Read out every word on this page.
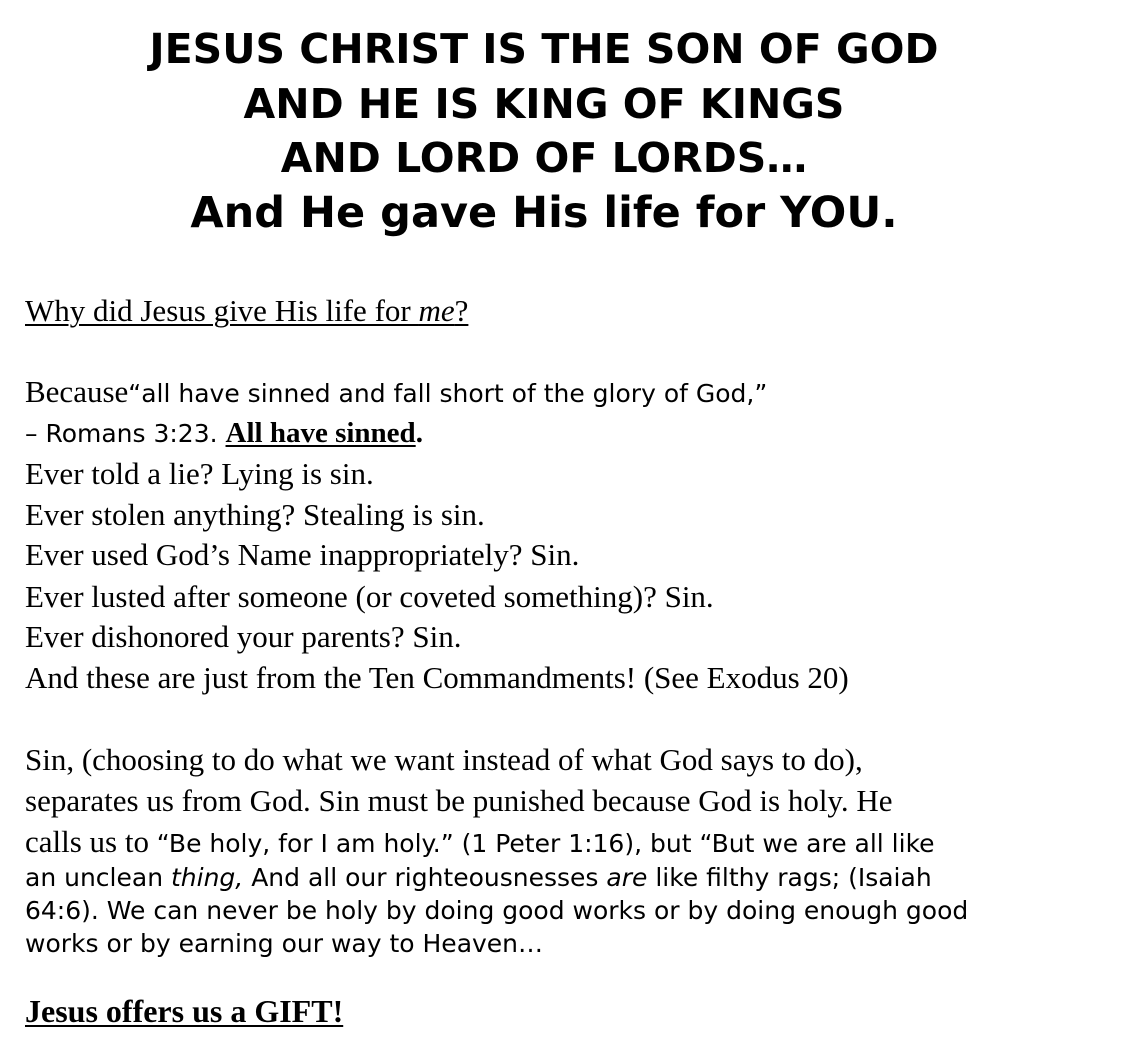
JESUS CHRIST IS THE SON OF GOD
AND HE IS KING OF KINGS
AND LORD OF LORDS…
And He gave His life for YOU.

Why did Jesus give His life for me?

Because“all have sinned and fall short of the glory of God,”

– Romans 3:23. All have sinned.

Ever told a lie? Lying is sin.

Ever stolen anything? Stealing is sin.

Ever used God’s Name inappropriately? Sin.

Ever lusted after someone (or coveted something)? Sin.

Ever dishonored your parents? Sin.

And these are just from the Ten Commandments! (See Exodus 20)

Sin, (choosing to do what we want instead of what God says to do),

separates us from God. Sin must be punished because God is holy. He

calls us to “Be holy, for I am holy.” (1 Peter 1:16), but “But we are all like

an unclean thing, And all our righteousnesses are like filthy rags; (Isaiah

64:6). We can never be holy by doing good works or by doing enough good

works or by earning our way to Heaven…

Jesus offers us a GIFT!
